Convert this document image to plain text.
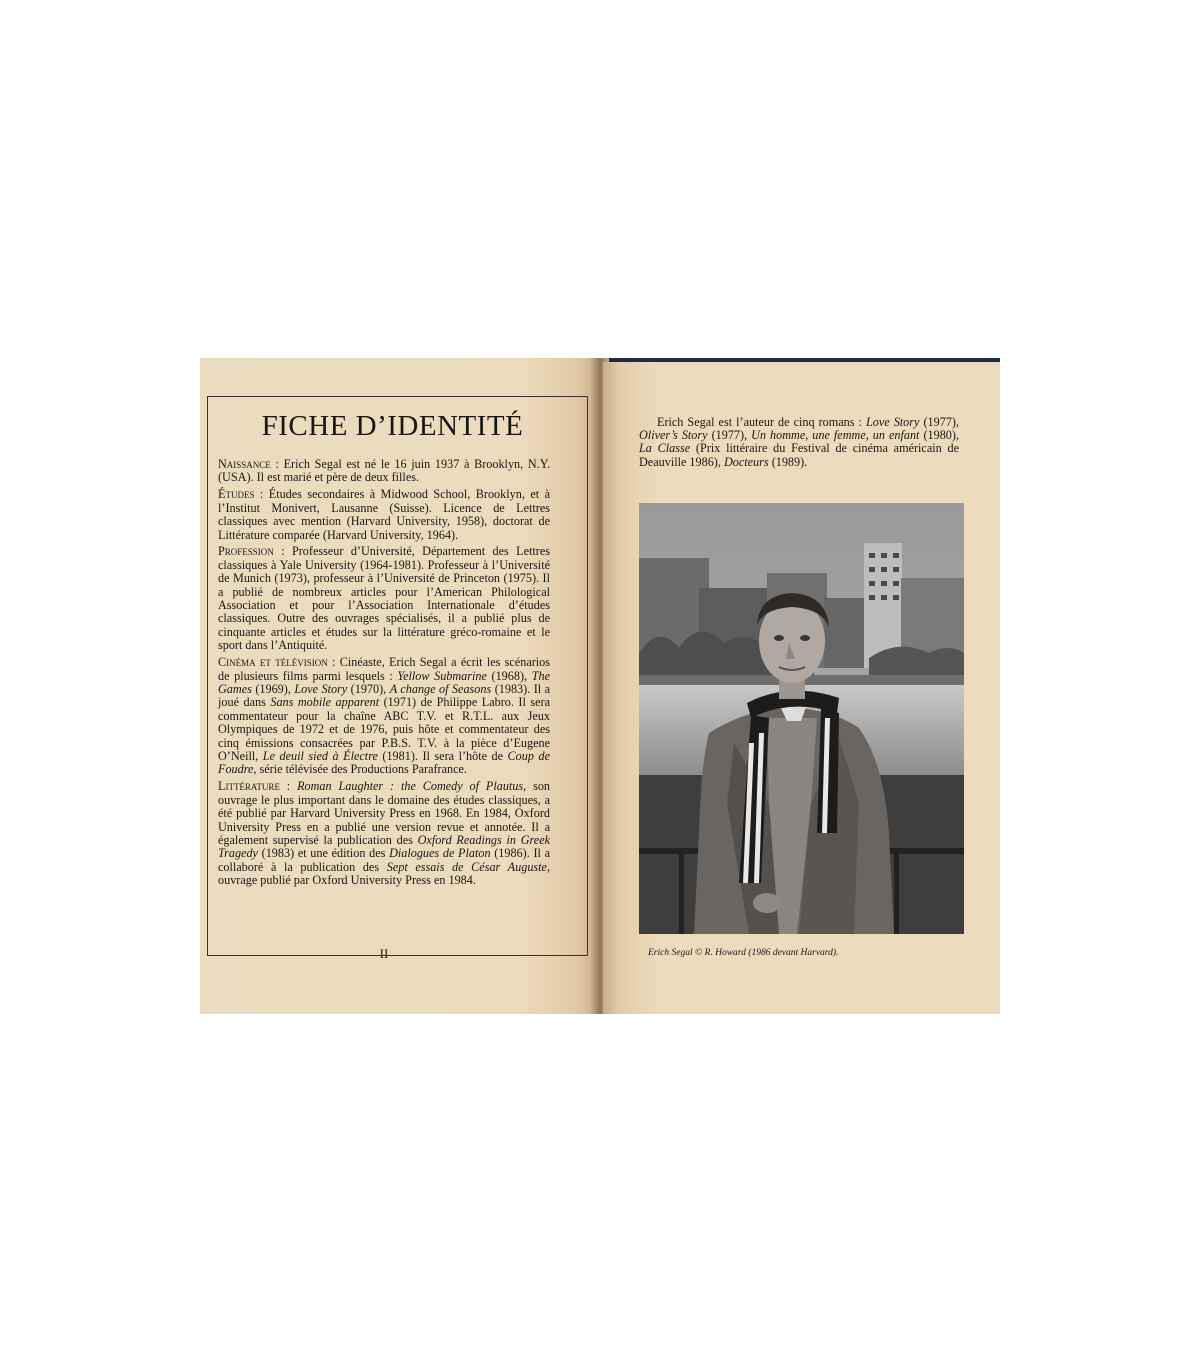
FICHE D’IDENTITÉ

Naissance : Erich Segal est né le 16 juin 1937 à Brooklyn, N.Y. (USA). Il est marié et père de deux filles.

Études : Études secondaires à Midwood School, Brooklyn, et à l’Institut Monivert, Lausanne (Suisse). Licence de Lettres classiques avec mention (Harvard University, 1958), doctorat de Littérature comparée (Harvard University, 1964).

Profession : Professeur d’Université, Département des Lettres classiques à Yale University (1964-1981). Professeur à l’Université de Munich (1973), professeur à l’Université de Princeton (1975). Il a publié de nombreux articles pour l’American Philological Association et pour l’Association Internationale d’études classiques. Outre des ouvrages spécialisés, il a publié plus de cinquante articles et études sur la littérature gréco-romaine et le sport dans l’Antiquité.

Cinéma et télévision : Cinéaste, Erich Segal a écrit les scénarios de plusieurs films parmi lesquels : Yellow Submarine (1968), The Games (1969), Love Story (1970), A change of Seasons (1983). Il a joué dans Sans mobile apparent (1971) de Philippe Labro. Il sera commentateur pour la chaîne ABC T.V. et R.T.L. aux Jeux Olympiques de 1972 et de 1976, puis hôte et commentateur des cinq émissions consacrées par P.B.S. T.V. à la pièce d’Eugene O’Neill, Le deuil sied à Électre (1981). Il sera l’hôte de Coup de Foudre, série télévisée des Productions Parafrance.

Littérature : Roman Laughter : the Comedy of Plautus, son ouvrage le plus important dans le domaine des études classiques, a été publié par Harvard University Press en 1968. En 1984, Oxford University Press en a publié une version revue et annotée. Il a également supervisé la publication des Oxford Readings in Greek Tragedy (1983) et une édition des Dialogues de Platon (1986). Il a collaboré à la publication des Sept essais de César Auguste, ouvrage publié par Oxford University Press en 1984.

II
Erich Segal est l’auteur de cinq romans : Love Story (1977), Oliver’s Story (1977), Un homme, une femme, un enfant (1980), La Classe (Prix littéraire du Festival de cinéma américain de Deauville 1986), Docteurs (1989).
Erich Segal © R. Howard (1986 devant Harvard).
